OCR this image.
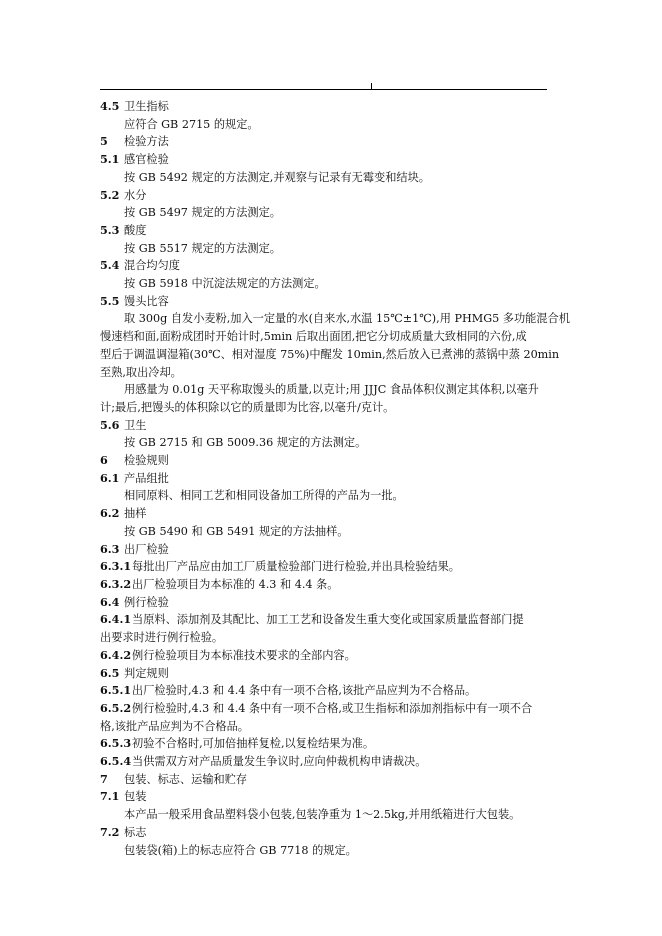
4.5 卫生指标

应符合 GB 2715 的规定。

5 检验方法

5.1 感官检验

按 GB 5492 规定的方法测定,并观察与记录有无霉变和结块。

5.2 水分

按 GB 5497 规定的方法测定。

5.3 酸度

按 GB 5517 规定的方法测定。

5.4 混合均匀度

按 GB 5918 中沉淀法规定的方法测定。

5.5 馒头比容

取 300g 自发小麦粉,加入一定量的水(自来水,水温 15℃±1℃),用 PHMG5 多功能混合机

慢速档和面,面粉成团时开始计时,5min 后取出面团,把它分切成质量大致相同的六份,成

型后于调温调湿箱(30℃、相对湿度 75%)中醒发 10min,然后放入已煮沸的蒸锅中蒸 20min

至熟,取出冷却。

用感量为 0.01g 天平称取馒头的质量,以克计;用 JJJC 食品体积仪测定其体积,以毫升

计;最后,把馒头的体积除以它的质量即为比容,以毫升/克计。

5.6 卫生

按 GB 2715 和 GB 5009.36 规定的方法测定。

6 检验规则

6.1 产品组批

相同原料、相同工艺和相同设备加工所得的产品为一批。

6.2 抽样

按 GB 5490 和 GB 5491 规定的方法抽样。

6.3 出厂检验

6.3.1每批出厂产品应由加工厂质量检验部门进行检验,并出具检验结果。

6.3.2出厂检验项目为本标准的 4.3 和 4.4 条。

6.4 例行检验

6.4.1当原料、添加剂及其配比、加工工艺和设备发生重大变化或国家质量监督部门提

出要求时进行例行检验。

6.4.2例行检验项目为本标准技术要求的全部内容。

6.5 判定规则

6.5.1出厂检验时,4.3 和 4.4 条中有一项不合格,该批产品应判为不合格品。

6.5.2例行检验时,4.3 和 4.4 条中有一项不合格,或卫生指标和添加剂指标中有一项不合

格,该批产品应判为不合格品。

6.5.3初验不合格时,可加倍抽样复检,以复检结果为准。

6.5.4当供需双方对产品质量发生争议时,应向仲裁机构申请裁决。

7 包装、标志、运输和贮存

7.1 包装

本产品一般采用食品塑料袋小包装,包装净重为 1～2.5kg,并用纸箱进行大包装。

7.2 标志

包装袋(箱)上的标志应符合 GB 7718 的规定。
